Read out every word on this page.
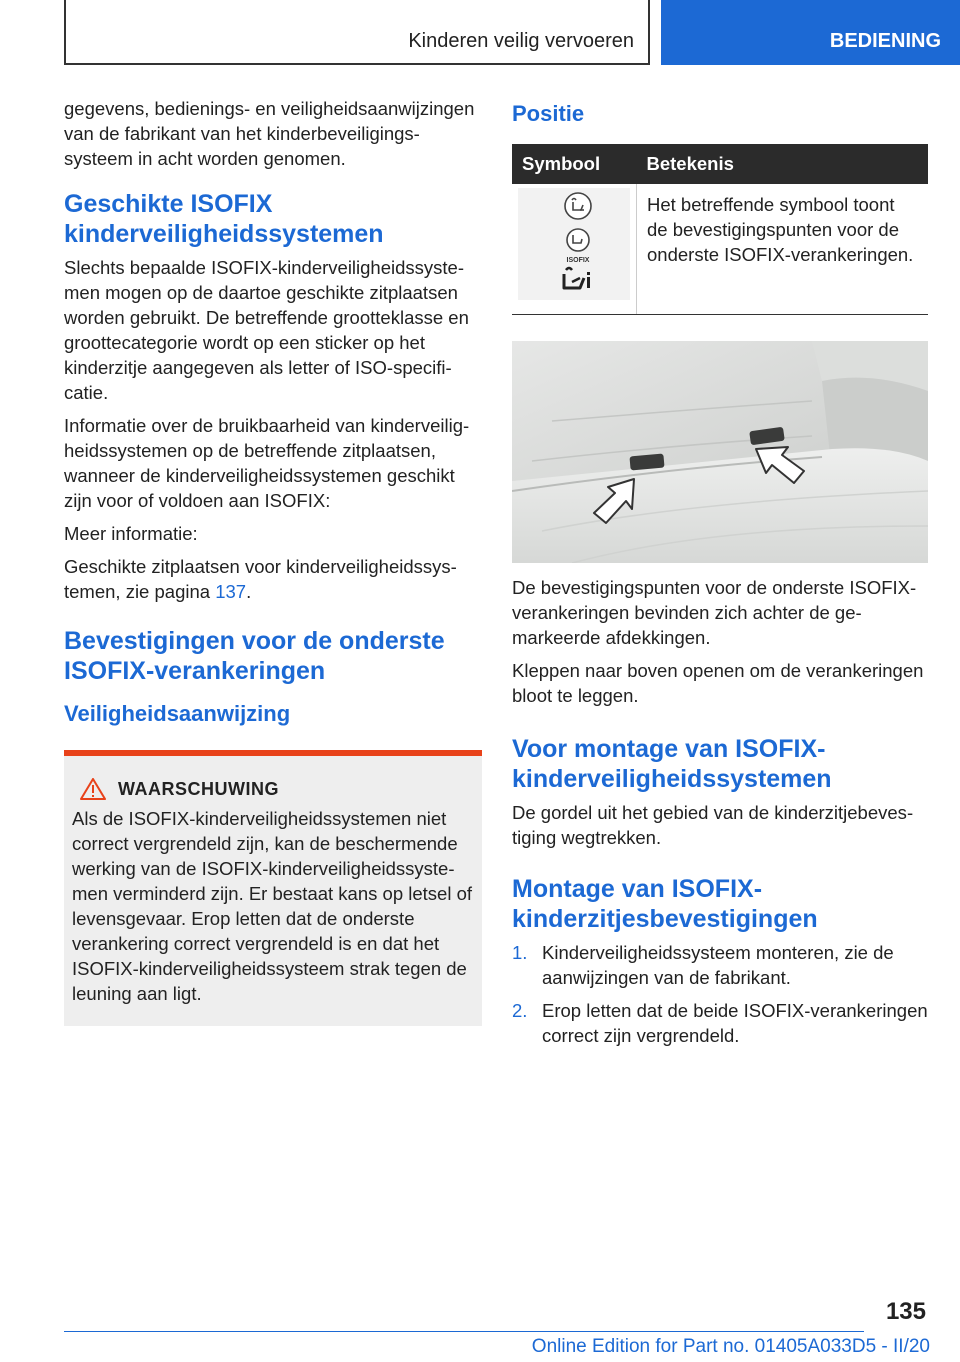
Kinderen veilig vervoeren	BEDIENING

gegevens, bedienings- en veiligheidsaanwijzingen van de fabrikant van het kinderbeveiligingssysteem in acht worden genomen.

Geschikte ISOFIX kinderveiligheidssystemen

Slechts bepaalde ISOFIX-kinderveiligheidssystemen mogen op de daartoe geschikte zitplaatsen worden gebruikt. De betreffende grootteklasse en groottecategorie wordt op een sticker op het kinderzitje aangegeven als letter of ISO-specificatie.

Informatie over de bruikbaarheid van kinderveiligheidssystemen op de betreffende zitplaatsen, wanneer de kinderveiligheidssystemen geschikt zijn voor of voldoen aan ISOFIX:

Meer informatie:

Geschikte zitplaatsen voor kinderveiligheidssystemen, zie pagina 137.

Bevestigingen voor de onderste ISOFIX-verankeringen
Veiligheidsaanwijzing
WAARSCHUWING

Als de ISOFIX-kinderveiligheidssystemen niet correct vergrendeld zijn, kan de beschermende werking van de ISOFIX-kinderveiligheidssystemen verminderd zijn. Er bestaat kans op letsel of levensgevaar. Erop letten dat de onderste verankering correct vergrendeld is en dat het ISOFIX-kinderveiligheidssysteem strak tegen de leuning aan ligt.

Positie
Symbool	Betekenis

ISOFIX	Het betreffende symbool toont de bevestigingspunten voor de onderste ISOFIX-verankeringen.

De bevestigingspunten voor de onderste ISOFIX-verankeringen bevinden zich achter de gemarkeerde afdekkingen.

Kleppen naar boven openen om de verankeringen bloot te leggen.

Voor montage van ISOFIX-kinderveiligheidssystemen

De gordel uit het gebied van de kinderzitjebevestiging wegtrekken.

Montage van ISOFIX-kinderzitjesbevestigingen
1. Kinderveiligheidssysteem monteren, zie de aanwijzingen van de fabrikant.
2. Erop letten dat de beide ISOFIX-verankeringen correct zijn vergrendeld.
135
Online Edition for Part no. 01405A033D5 - II/20
